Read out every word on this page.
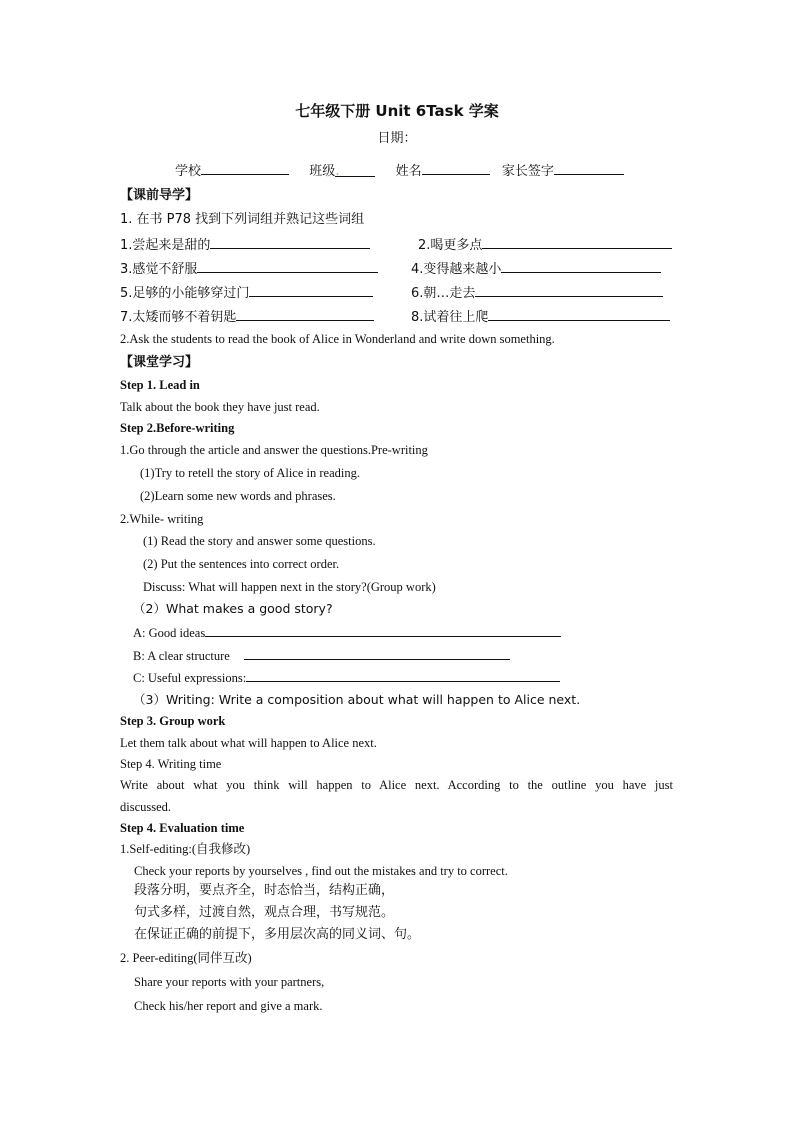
七年级下册 Unit 6Task 学案
日期：
学校	班级.	姓名	家长签字
【课前导学】
1. 在书 P78 找到下列词组并熟记这些词组
1.尝起来是甜的	2.喝更多点
3.感觉不舒服	4.变得越来越小
5.足够的小能够穿过门	6.朝…走去
7.太矮而够不着钥匙	8.试着往上爬
2.Ask the students to read the book of Alice in Wonderland and write down something.
【课堂学习】
Step 1. Lead in
Talk about the book they have just read.
Step 2.Before-writing
1.Go through the article and answer the questions.Pre-writing
(1)Try to retell the story of Alice in reading.
(2)Learn some new words and phrases.
2.While- writing
(1) Read the story and answer some questions.
(2) Put the sentences into correct order.
Discuss: What will happen next in the story?(Group work)
（2）What makes a good story?
A: Good ideas
B: A clear structure
C: Useful expressions:
（3）Writing: Write a composition about what will happen to Alice next.
Step 3. Group work
Let them talk about what will happen to Alice next.
Step 4. Writing time
Write about what you think will happen to Alice next. According to the outline you have just
discussed.
Step 4. Evaluation time
1.Self-editing:(自我修改)
Check your reports by yourselves , find out the mistakes and try to correct.
段落分明，要点齐全，时态恰当，结构正确，
句式多样，过渡自然，观点合理，书写规范。
在保证正确的前提下，多用层次高的同义词、句。
2. Peer-editing(同伴互改)
Share your reports with your partners,
Check his/her report and give a mark.
